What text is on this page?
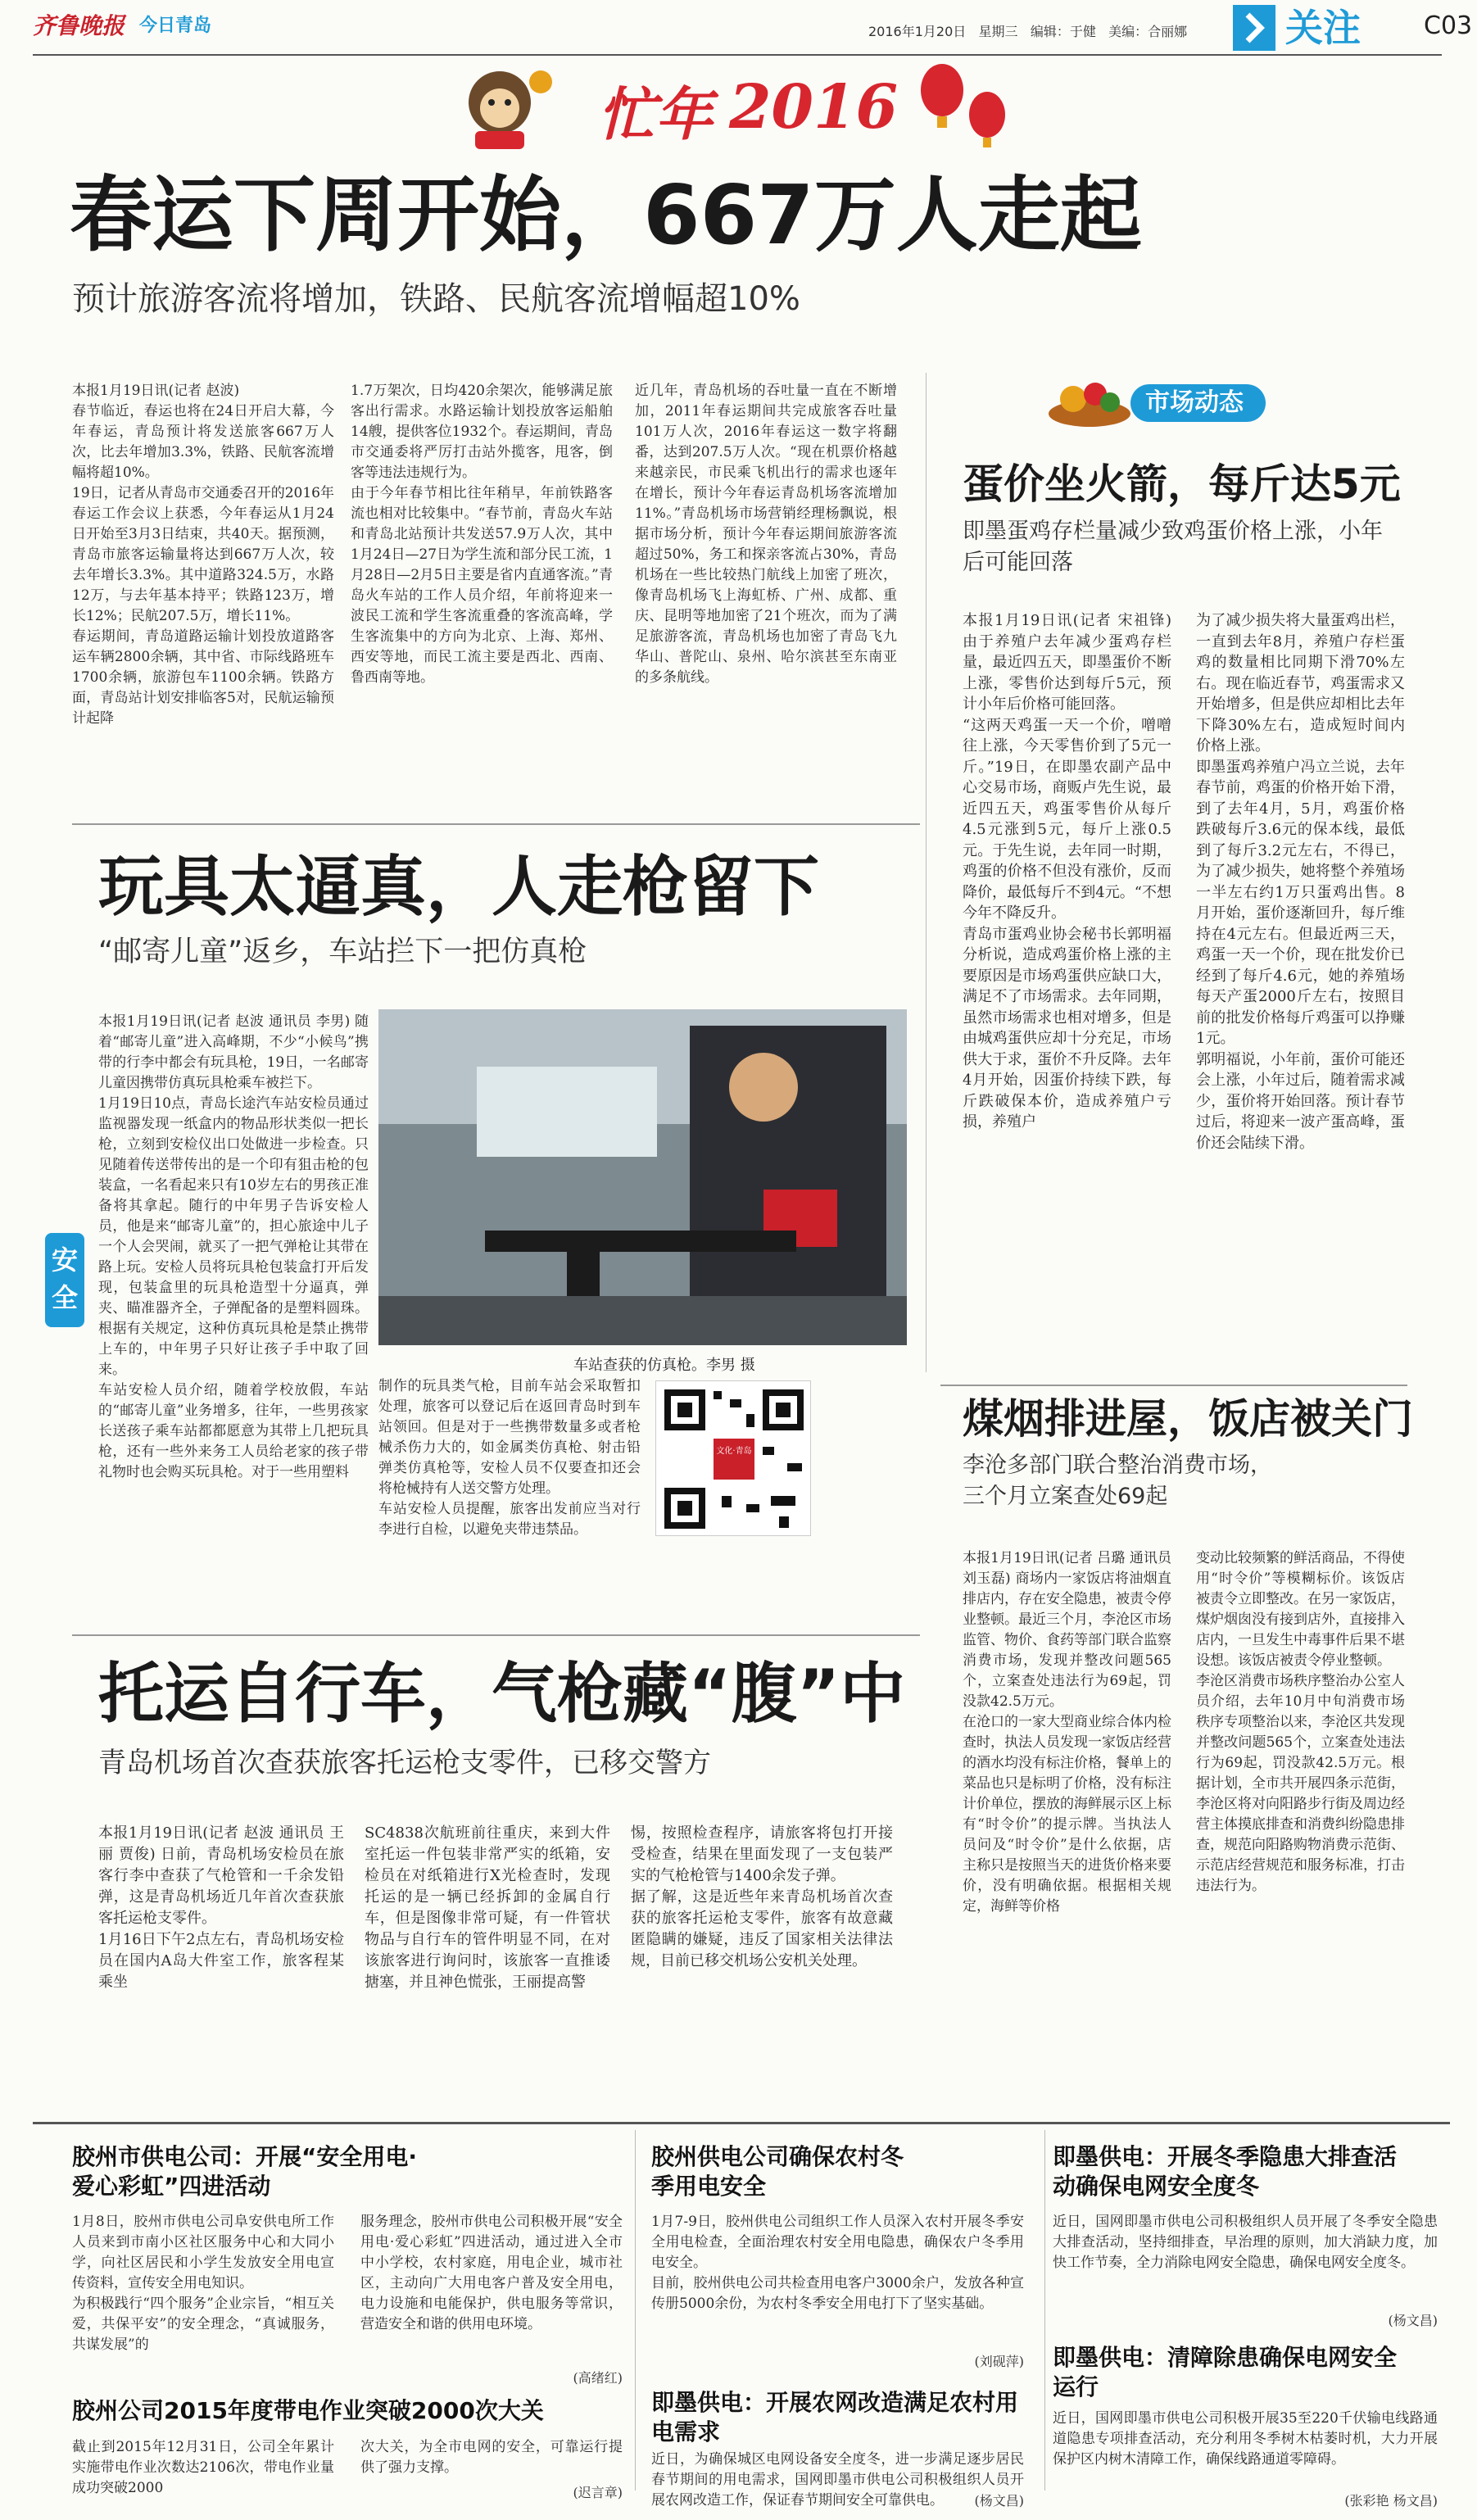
齐鲁晚报 今日青岛	2016年1月20日 星期三 编辑：于健 美编：合丽娜	关注	C03
忙年 2016
春运下周开始，667万人走起
预计旅游客流将增加，铁路、民航客流增幅超10%
本报1月19日讯(记者 赵波)
春节临近，春运也将在24日开启大幕，今年春运，青岛预计将发送旅客667万人次，比去年增加3.3%，铁路、民航客流增幅将超10%。
19日，记者从青岛市交通委召开的2016年春运工作会议上获悉，今年春运从1月24日开始至3月3日结束，共40天。据预测，青岛市旅客运输量将达到667万人次，较去年增长3.3%。其中道路324.5万，水路12万，与去年基本持平；铁路123万，增长12%；民航207.5万，增长11%。
春运期间，青岛道路运输计划投放道路客运车辆2800余辆，其中省、市际线路班车1700余辆，旅游包车1100余辆。铁路方面，青岛站计划安排临客5对，民航运输预计起降
1.7万架次，日均420余架次，能够满足旅客出行需求。水路运输计划投放客运船舶14艘，提供客位1932个。春运期间，青岛市交通委将严厉打击站外揽客，甩客，倒客等违法违规行为。
由于今年春节相比往年稍早，年前铁路客流也相对比较集中。“春节前，青岛火车站和青岛北站预计共发送57.9万人次，其中1月24日—27日为学生流和部分民工流，1月28日—2月5日主要是省内直通客流。”青岛火车站的工作人员介绍，年前将迎来一波民工流和学生客流重叠的客流高峰，学生客流集中的方向为北京、上海、郑州、西安等地，而民工流主要是西北、西南、鲁西南等地。
近几年，青岛机场的吞吐量一直在不断增加，2011年春运期间共完成旅客吞吐量101万人次，2016年春运这一数字将翻番，达到207.5万人次。“现在机票价格越来越亲民，市民乘飞机出行的需求也逐年在增长，预计今年春运青岛机场客流增加11%。”青岛机场市场营销经理杨飘说，根据市场分析，预计今年春运期间旅游客流超过50%，务工和探亲客流占30%，青岛机场在一些比较热门航线上加密了班次，像青岛机场飞上海虹桥、广州、成都、重庆、昆明等地加密了21个班次，而为了满足旅游客流，青岛机场也加密了青岛飞九华山、普陀山、泉州、哈尔滨甚至东南亚的多条航线。
市场动态
蛋价坐火箭，每斤达5元
即墨蛋鸡存栏量减少致鸡蛋价格上涨，小年后可能回落
本报1月19日讯(记者 宋祖锋) 由于养殖户去年减少蛋鸡存栏量，最近四五天，即墨蛋价不断上涨，零售价达到每斤5元，预计小年后价格可能回落。
“这两天鸡蛋一天一个价，噌噌往上涨，今天零售价到了5元一斤。”19日，在即墨农副产品中心交易市场，商贩卢先生说，最近四五天，鸡蛋零售价从每斤4.5元涨到5元，每斤上涨0.5元。于先生说，去年同一时期，鸡蛋的价格不但没有涨价，反而降价，最低每斤不到4元。“不想今年不降反升。
青岛市蛋鸡业协会秘书长郭明福分析说，造成鸡蛋价格上涨的主要原因是市场鸡蛋供应缺口大，满足不了市场需求。去年同期，虽然市场需求也相对增多，但是由城鸡蛋供应却十分充足，市场供大于求，蛋价不升反降。去年4月开始，因蛋价持续下跌，每斤跌破保本价，造成养殖户亏损，养殖户
为了减少损失将大量蛋鸡出栏，一直到去年8月，养殖户存栏蛋鸡的数量相比同期下滑70%左右。现在临近春节，鸡蛋需求又开始增多，但是供应却相比去年下降30%左右，造成短时间内价格上涨。
即墨蛋鸡养殖户冯立兰说，去年春节前，鸡蛋的价格开始下滑，到了去年4月，5月，鸡蛋价格跌破每斤3.6元的保本线，最低到了每斤3.2元左右，不得已，为了减少损失，她将整个养殖场一半左右约1万只蛋鸡出售。8月开始，蛋价逐渐回升，每斤维持在4元左右。但最近两三天，鸡蛋一天一个价，现在批发价已经到了每斤4.6元，她的养殖场每天产蛋2000斤左右，按照目前的批发价格每斤鸡蛋可以挣赚1元。
郭明福说，小年前，蛋价可能还会上涨，小年过后，随着需求减少，蛋价将开始回落。预计春节过后，将迎来一波产蛋高峰，蛋价还会陆续下滑。
安全
玩具太逼真，人走枪留下
“邮寄儿童”返乡，车站拦下一把仿真枪
本报1月19日讯(记者 赵波 通讯员 李男) 随着“邮寄儿童”进入高峰期，不少“小候鸟”携带的行李中都会有玩具枪，19日，一名邮寄儿童因携带仿真玩具枪乘车被拦下。
1月19日10点，青岛长途汽车站安检员通过监视器发现一纸盒内的物品形状类似一把长枪，立刻到安检仪出口处做进一步检查。只见随着传送带传出的是一个印有狙击枪的包装盒，一名看起来只有10岁左右的男孩正准备将其拿起。随行的中年男子告诉安检人员，他是来“邮寄儿童”的，担心旅途中儿子一个人会哭闹，就买了一把气弹枪让其带在路上玩。安检人员将玩具枪包装盒打开后发现，包装盒里的玩具枪造型十分逼真，弹夹、瞄准器齐全，子弹配备的是塑料圆珠。根据有关规定，这种仿真玩具枪是禁止携带上车的，中年男子只好让孩子手中取了回来。
车站安检人员介绍，随着学校放假，车站的“邮寄儿童”业务增多，往年，一些男孩家长送孩子乘车站都都愿意为其带上几把玩具枪，还有一些外来务工人员给老家的孩子带礼物时也会购买玩具枪。对于一些用塑料
车站查获的仿真枪。李男 摄
制作的玩具类气枪，目前车站会采取暂扣处理，旅客可以登记后在返回青岛时到车站领回。但是对于一些携带数量多或者枪械杀伤力大的，如金属类仿真枪、射击铅弹类仿真枪等，安检人员不仅要查扣还会将枪械持有人送交警方处理。
车站安检人员提醒，旅客出发前应当对行李进行自检，以避免夹带违禁品。
文化·青岛
煤烟排进屋，饭店被关门
李沧多部门联合整治消费市场，三个月立案查处69起
本报1月19日讯(记者 吕璐 通讯员 刘玉磊) 商场内一家饭店将油烟直排店内，存在安全隐患，被责令停业整顿。最近三个月，李沧区市场监管、物价、食药等部门联合监察消费市场，发现并整改问题565个，立案查处违法行为69起，罚没款42.5万元。
在沧口的一家大型商业综合体内检查时，执法人员发现一家饭店经营的酒水均没有标注价格，餐单上的菜品也只是标明了价格，没有标注计价单位，摆放的海鲜展示区上标有“时令价”的提示牌。当执法人员问及“时令价”是什么依据，店主称只是按照当天的进货价格来要价，没有明确依据。根据相关规定，海鲜等价格
变动比较频繁的鲜活商品，不得使用“时令价”等模糊标价。该饭店被责令立即整改。在另一家饭店，煤炉烟囱没有接到店外，直接排入店内，一旦发生中毒事件后果不堪设想。该饭店被责令停业整顿。
李沧区消费市场秩序整治办公室人员介绍，去年10月中旬消费市场秩序专项整治以来，李沧区共发现并整改问题565个，立案查处违法行为69起，罚没款42.5万元。根据计划，全市共开展四条示范街，李沧区将对向阳路步行街及周边经营主体摸底排查和消费纠纷隐患排查，规范向阳路购物消费示范街、示范店经营规范和服务标准，打击违法行为。
托运自行车，气枪藏“腹”中
青岛机场首次查获旅客托运枪支零件，已移交警方
本报1月19日讯(记者 赵波 通讯员 王丽 贾俊) 日前，青岛机场安检员在旅客行李中查获了气枪管和一千余发铅弹，这是青岛机场近几年首次查获旅客托运枪支零件。
1月16日下午2点左右，青岛机场安检员在国内A岛大件室工作，旅客程某乘坐
SC4838次航班前往重庆，来到大件室托运一件包装非常严实的纸箱，安检员在对纸箱进行X光检查时，发现托运的是一辆已经拆卸的金属自行车，但是图像非常可疑，有一件管状物品与自行车的管件明显不同，在对该旅客进行询问时，该旅客一直推诿搪塞，并且神色慌张，王丽提高警
惕，按照检查程序，请旅客将包打开接受检查，结果在里面发现了一支包装严实的气枪枪管与1400余发子弹。
据了解，这是近些年来青岛机场首次查获的旅客托运枪支零件，旅客有故意藏匿隐瞒的嫌疑，违反了国家相关法律法规，目前已移交机场公安机关处理。
胶州市供电公司：开展“安全用电·爱心彩虹”四进活动
1月8日，胶州市供电公司阜安供电所工作人员来到市南小区社区服务中心和大同小学，向社区居民和小学生发放安全用电宣传资料，宣传安全用电知识。
为积极践行“四个服务”企业宗旨，“相互关爱，共保平安”的安全理念，“真诚服务，共谋发展”的
服务理念，胶州市供电公司积极开展“安全用电·爱心彩虹”四进活动，通过进入全市中小学校，农村家庭，用电企业，城市社区，主动向广大用电客户普及安全用电，电力设施和电能保护，供电服务等常识，营造安全和谐的供用电环境。
(高绪红)
胶州公司2015年度带电作业突破2000次大关
截止到2015年12月31日，公司全年累计实施带电作业次数达2106次，带电作业量成功突破2000
次大关，为全市电网的安全，可靠运行提供了强力支撑。
(迟言章)
胶州供电公司确保农村冬季用电安全
1月7-9日，胶州供电公司组织工作人员深入农村开展冬季安全用电检查，全面治理农村安全用电隐患，确保农户冬季用电安全。
目前，胶州供电公司共检查用电客户3000余户，发放各种宣传册5000余份，为农村冬季安全用电打下了坚实基础。
(刘砚萍)
即墨供电：开展农网改造满足农村用电需求
近日，为确保城区电网设备安全度冬，进一步满足逐步居民春节期间的用电需求，国网即墨市供电公司积极组织人员开展农网改造工作，保证春节期间安全可靠供电。	(杨文昌)
即墨供电：开展冬季隐患大排查活动确保电网安全度冬
近日，国网即墨市供电公司积极组织人员开展了冬季安全隐患大排查活动，坚持细排查，早治理的原则，加大消缺力度，加快工作节奏，全力消除电网安全隐患，确保电网安全度冬。
(杨文昌)
即墨供电：清障除患确保电网安全运行
近日，国网即墨市供电公司积极开展35至220千伏输电线路通道隐患专项排查活动，充分利用冬季树木枯萎时机，大力开展保护区内树木清障工作，确保线路通道零障碍。
(张彩艳 杨文昌)
